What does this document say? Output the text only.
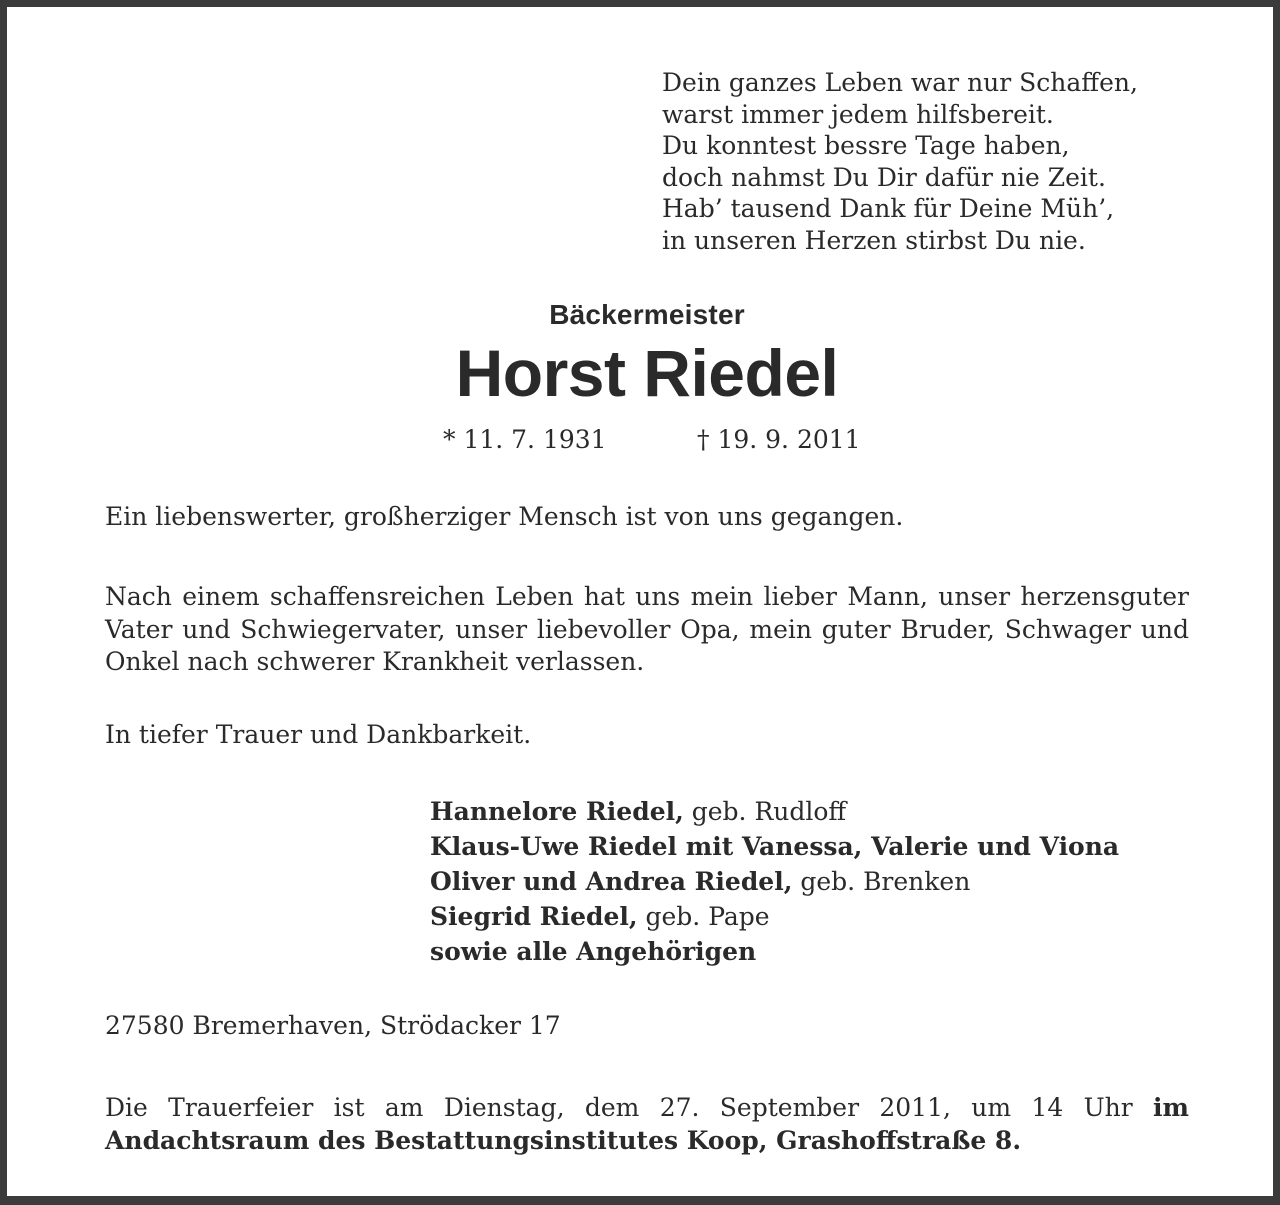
Dein ganzes Leben war nur Schaffen,
warst immer jedem hilfsbereit.
Du konntest bessre Tage haben,
doch nahmst Du Dir dafür nie Zeit.
Hab’ tausend Dank für Deine Müh’,
in unseren Herzen stirbst Du nie.
Bäckermeister
Horst Riedel
* 11. 7. 1931	† 19. 9. 2011

Ein liebenswerter, großherziger Mensch ist von uns gegangen.

Nach einem schaffensreichen Leben hat uns mein lieber Mann, unser herzensguter Vater und Schwiegervater, unser liebevoller Opa, mein guter Bruder, Schwager und Onkel nach schwerer Krankheit verlassen.

In tiefer Trauer und Dankbarkeit.

Hannelore Riedel, geb. Rudloff
Klaus-Uwe Riedel mit Vanessa, Valerie und Viona
Oliver und Andrea Riedel, geb. Brenken
Siegrid Riedel, geb. Pape
sowie alle Angehörigen
27580 Bremerhaven, Strödacker 17

Die Trauerfeier ist am Dienstag, dem 27. September 2011, um 14 Uhr im Andachtsraum des Bestattungsinstitutes Koop, Grashoffstraße 8.
